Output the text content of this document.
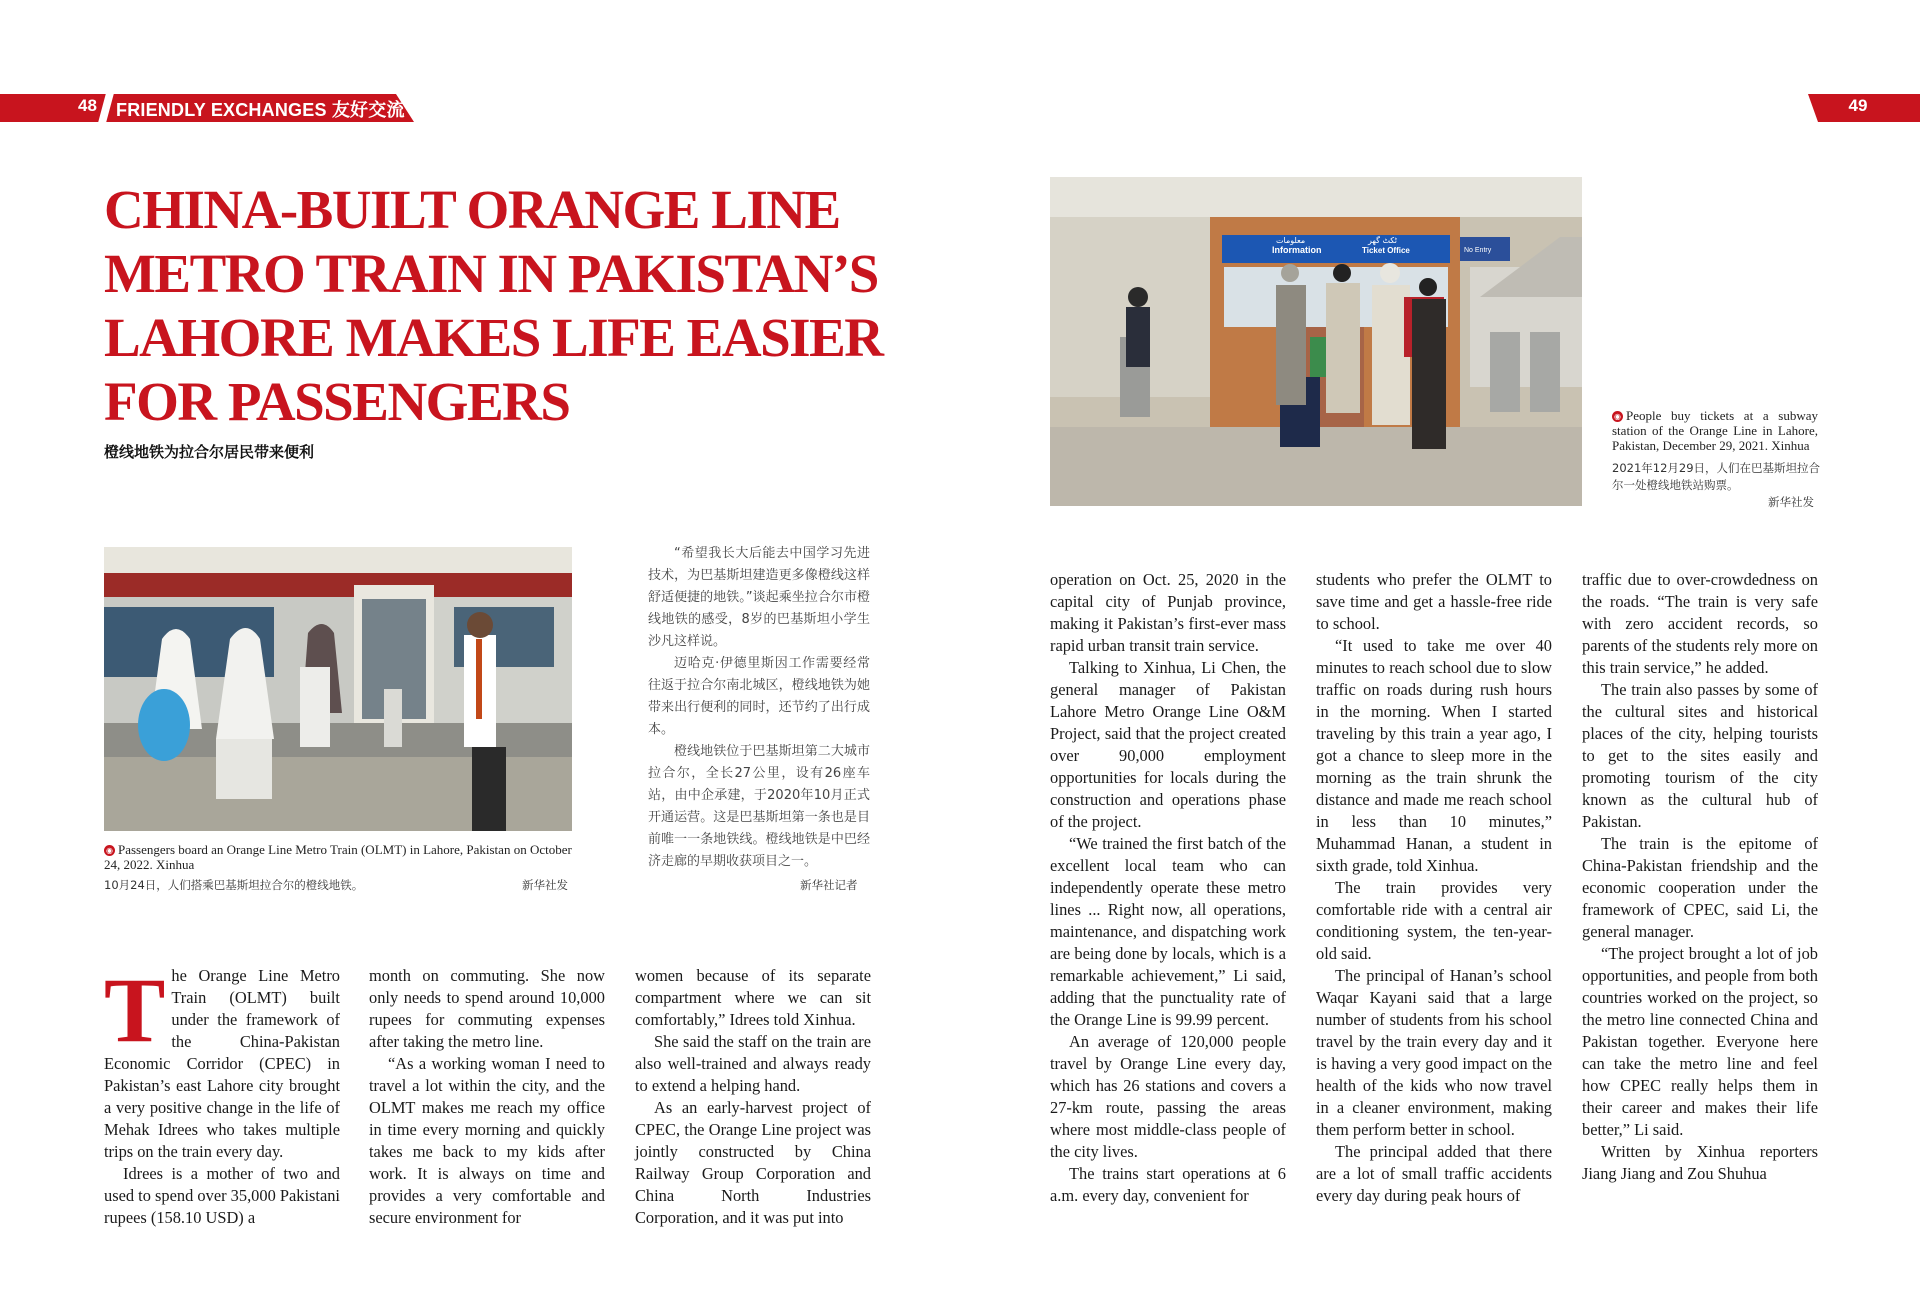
48 FRIENDLY EXCHANGES 友好交流	49
CHINA-BUILT ORANGE LINE
METRO TRAIN IN PAKISTAN’S
LAHORE MAKES LIFE EASIER
FOR PASSENGERS
橙线地铁为拉合尔居民带来便利
◉ Passengers board an Orange Line Metro Train (OLMT) in Lahore, Pakistan on October 24, 2022. Xinhua
10月24日，人们搭乘巴基斯坦拉合尔的橙线地铁。	新华社发

“希望我长大后能去中国学习先进技术，为巴基斯坦建造更多像橙线这样舒适便捷的地铁。”谈起乘坐拉合尔市橙线地铁的感受，8岁的巴基斯坦小学生沙凡这样说。

迈哈克·伊德里斯因工作需要经常往返于拉合尔南北城区，橙线地铁为她带来出行便利的同时，还节约了出行成本。

橙线地铁位于巴基斯坦第二大城市拉合尔，全长27公里，设有26座车站，由中企承建，于2020年10月正式开通运营。这是巴基斯坦第一条也是目前唯一一条地铁线。橙线地铁是中巴经济走廊的早期收获项目之一。

新华社记者
Information
معلومات
Ticket Office
ٹکٹ گھر
No Entry
◉ People buy tickets at a subway station of the Orange Line in Lahore, Pakistan, December 29, 2021. Xinhua
2021年12月29日，人们在巴基斯坦拉合尔一处橙线地铁站购票。
新华社发
T he Orange Line Metro Train (OLMT) built under the framework of the China-Pakistan Economic Corridor (CPEC) in Pakistan’s east Lahore city brought a very positive change in the life of Mehak Idrees who takes multiple trips on the train every day.

Idrees is a mother of two and used to spend over 35,000 Pakistani rupees (158.10 USD) a

month on commuting. She now only needs to spend around 10,000 rupees for commuting expenses after taking the metro line.

“As a working woman I need to travel a lot within the city, and the OLMT makes me reach my office in time every morning and quickly takes me back to my kids after work. It is always on time and provides a very comfortable and secure environment for

women because of its separate compartment where we can sit comfortably,” Idrees told Xinhua.

She said the staff on the train are also well-trained and always ready to extend a helping hand.

As an early-harvest project of CPEC, the Orange Line project was jointly constructed by China Railway Group Corporation and China North Industries Corporation, and it was put into

operation on Oct. 25, 2020 in the capital city of Punjab province, making it Pakistan’s first-ever mass rapid urban transit train service.

Talking to Xinhua, Li Chen, the general manager of Pakistan Lahore Metro Orange Line O&M Project, said that the project created over 90,000 employment opportunities for locals during the construction and operations phase of the project.

“We trained the first batch of the excellent local team who can independently operate these metro lines ... Right now, all operations, maintenance, and dispatching work are being done by locals, which is a remarkable achievement,” Li said, adding that the punctuality rate of the Orange Line is 99.99 percent.

An average of 120,000 people travel by Orange Line every day, which has 26 stations and covers a 27-km route, passing the areas where most middle-class people of the city lives.

The trains start operations at 6 a.m. every day, convenient for

students who prefer the OLMT to save time and get a hassle-free ride to school.

“It used to take me over 40 minutes to reach school due to slow traffic on roads during rush hours in the morning. When I started traveling by this train a year ago, I got a chance to sleep more in the morning as the train shrunk the distance and made me reach school in less than 10 minutes,” Muhammad Hanan, a student in sixth grade, told Xinhua.

The train provides very comfortable ride with a central air conditioning system, the ten-year-old said.

The principal of Hanan’s school Waqar Kayani said that a large number of students from his school travel by the train every day and it is having a very good impact on the health of the kids who now travel in a cleaner environment, making them perform better in school.

The principal added that there are a lot of small traffic accidents every day during peak hours of

traffic due to over-crowdedness on the roads. “The train is very safe with zero accident records, so parents of the students rely more on this train service,” he added.

The train also passes by some of the cultural sites and historical places of the city, helping tourists to get to the sites easily and promoting tourism of the city known as the cultural hub of Pakistan.

The train is the epitome of China-Pakistan friendship and the economic cooperation under the framework of CPEC, said Li, the general manager.

“The project brought a lot of job opportunities, and people from both countries worked on the project, so the metro line connected China and Pakistan together. Everyone here can take the metro line and feel how CPEC really helps them in their career and makes their life better,” Li said.

Written by Xinhua reporters Jiang Jiang and Zou Shuhua
